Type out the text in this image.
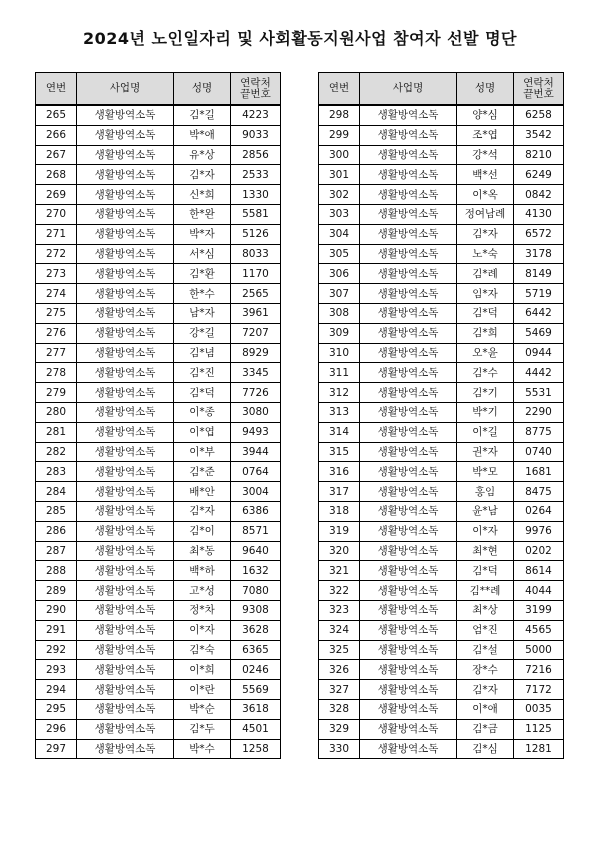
2024년 노인일자리 및 사회활동지원사업 참여자 선발 명단
연번	사업명	성명	연락처
끝번호
265	생활방역소독	김*길	4223
266	생활방역소독	박*애	9033
267	생활방역소독	유*상	2856
268	생활방역소독	김*자	2533
269	생활방역소독	신*희	1330
270	생활방역소독	한*완	5581
271	생활방역소독	박*자	5126
272	생활방역소독	서*심	8033
273	생활방역소독	김*환	1170
274	생활방역소독	한*수	2565
275	생활방역소독	남*자	3961
276	생활방역소독	강*길	7207
277	생활방역소독	김*념	8929
278	생활방역소독	김*진	3345
279	생활방역소독	김*덕	7726
280	생활방역소독	이*종	3080
281	생활방역소독	이*엽	9493
282	생활방역소독	이*부	3944
283	생활방역소독	김*준	0764
284	생활방역소독	배*안	3004
285	생활방역소독	김*자	6386
286	생활방역소독	김*이	8571
287	생활방역소독	최*동	9640
288	생활방역소독	백*하	1632
289	생활방역소독	고*성	7080
290	생활방역소독	정*차	9308
291	생활방역소독	이*자	3628
292	생활방역소독	김*숙	6365
293	생활방역소독	이*희	0246
294	생활방역소독	이*란	5569
295	생활방역소독	박*순	3618
296	생활방역소독	김*두	4501
297	생활방역소독	박*수	1258
연번	사업명	성명	연락처
끝번호
298	생활방역소독	양*심	6258
299	생활방역소독	조*엽	3542
300	생활방역소독	강*석	8210
301	생활방역소독	백*선	6249
302	생활방역소독	이*옥	0842
303	생활방역소독	정여남례	4130
304	생활방역소독	김*자	6572
305	생활방역소독	노*숙	3178
306	생활방역소독	김*례	8149
307	생활방역소독	임*자	5719
308	생활방역소독	김*덕	6442
309	생활방역소독	김*희	5469
310	생활방역소독	오*윤	0944
311	생활방역소독	김*수	4442
312	생활방역소독	김*기	5531
313	생활방역소독	박*기	2290
314	생활방역소독	이*길	8775
315	생활방역소독	권*자	0740
316	생활방역소독	박*모	1681
317	생활방역소독	홍임	8475
318	생활방역소독	윤*남	0264
319	생활방역소독	이*자	9976
320	생활방역소독	최*현	0202
321	생활방역소독	김*덕	8614
322	생활방역소독	김**례	4044
323	생활방역소독	최*상	3199
324	생활방역소독	엄*진	4565
325	생활방역소독	김*설	5000
326	생활방역소독	장*수	7216
327	생활방역소독	김*자	7172
328	생활방역소독	이*애	0035
329	생활방역소독	김*금	1125
330	생활방역소독	김*심	1281
